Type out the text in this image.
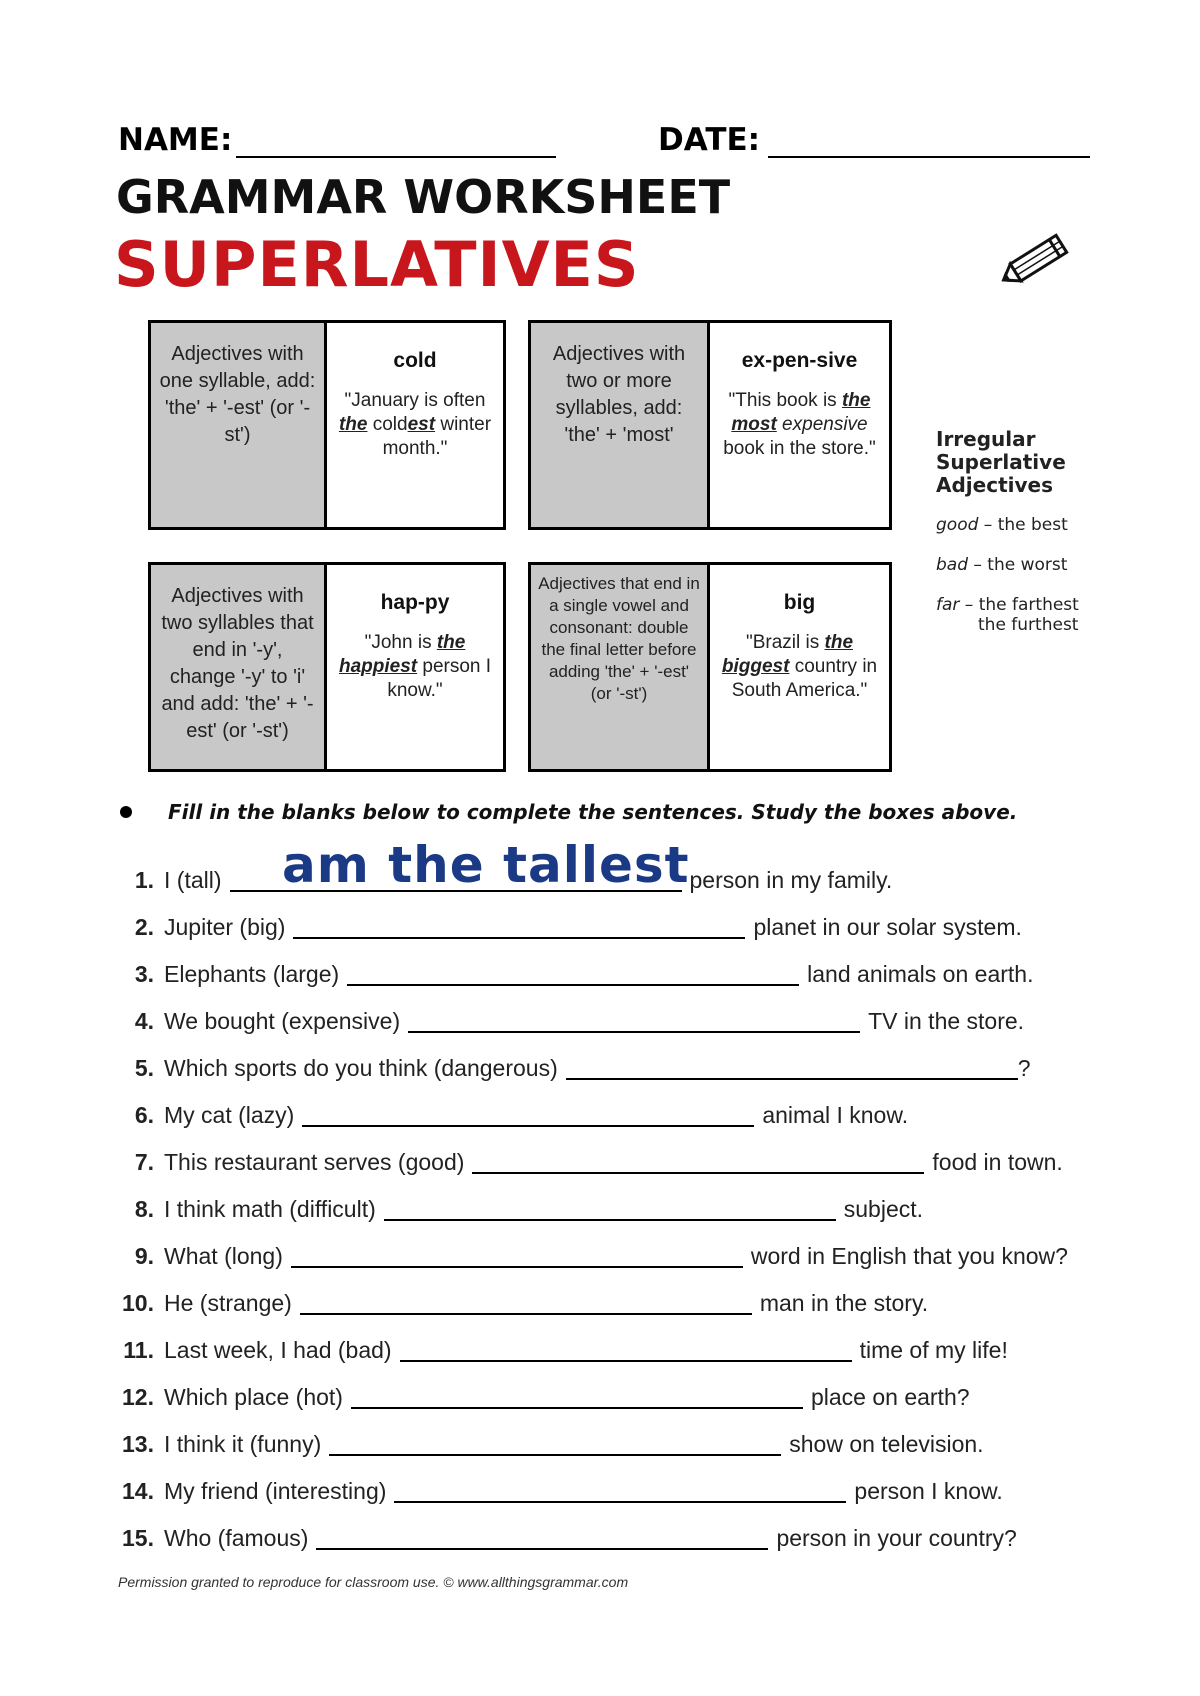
NAME:	DATE:
GRAMMAR WORKSHEET
SUPERLATIVES
Adjectives with one syllable, add: 'the' + '-est' (or '-st')
cold
"January is often the coldest winter month."
Adjectives with two or more syllables, add: 'the' + 'most'
ex-pen-sive
"This book is the most expensive book in the store."
Adjectives with two syllables that end in '-y', change '-y' to 'i' and add: 'the' + '-est' (or '-st')
hap-py
"John is the happiest person I know."
Adjectives that end in a single vowel and consonant: double the final letter before adding 'the' + '-est' (or '-st')
big
"Brazil is the biggest country in South America."
Irregular Superlative Adjectives
good – the best
bad – the worst
far – the farthest
the furthest
Fill in the blanks below to complete the sentences. Study the boxes above.
1. I (tall)	person in my family.
am the tallest
2. Jupiter (big)	planet in our solar system.
3. Elephants (large)	land animals on earth.
4. We bought (expensive)	TV in the store.
5. Which sports do you think (dangerous)	?
6. My cat (lazy)	animal I know.
7. This restaurant serves (good)	food in town.
8. I think math (difficult)	subject.
9. What (long)	word in English that you know?
10. He (strange)	man in the story.
11. Last week, I had (bad)	time of my life!
12. Which place (hot)	place on earth?
13. I think it (funny)	show on television.
14. My friend (interesting)	person I know.
15. Who (famous)	person in your country?
Permission granted to reproduce for classroom use. © www.allthingsgrammar.com
